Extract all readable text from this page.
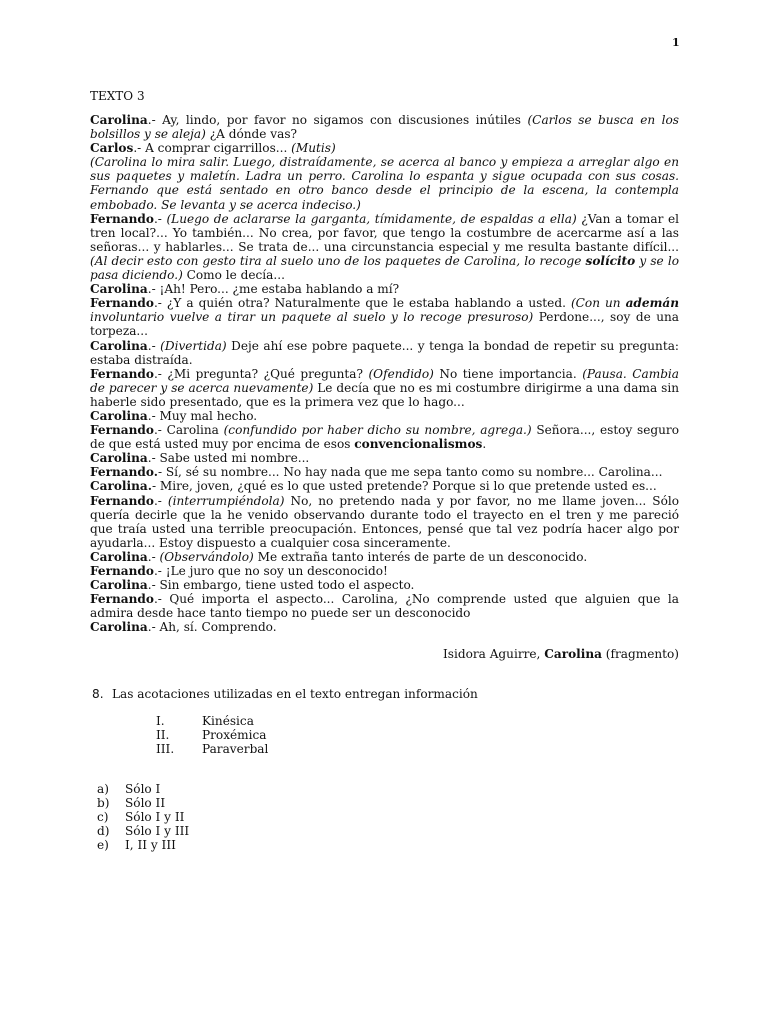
1
TEXTO 3

Carolina.- Ay, lindo, por favor no sigamos con discusiones inútiles (Carlos se busca en los bolsillos y se aleja) ¿A dónde vas?

Carlos.- A comprar cigarrillos... (Mutis)

(Carolina lo mira salir. Luego, distraídamente, se acerca al banco y empieza a arreglar algo en sus paquetes y maletín. Ladra un perro. Carolina lo espanta y sigue ocupada con sus cosas. Fernando que está sentado en otro banco desde el principio de la escena, la contempla embobado. Se levanta y se acerca indeciso.)

Fernando.- (Luego de aclararse la garganta, tímidamente, de espaldas a ella) ¿Van a tomar el tren local?... Yo también... No crea, por favor, que tengo la costumbre de acercarme así a las señoras... y hablarles... Se trata de... una circunstancia especial y me resulta bastante difícil... (Al decir esto con gesto tira al suelo uno de los paquetes de Carolina, lo recoge solícito y se lo pasa diciendo.) Como le decía...

Carolina.- ¡Ah! Pero... ¿me estaba hablando a mí?

Fernando.- ¿Y a quién otra? Naturalmente que le estaba hablando a usted. (Con un ademán involuntario vuelve a tirar un paquete al suelo y lo recoge presuroso) Perdone..., soy de una torpeza...

Carolina.- (Divertida) Deje ahí ese pobre paquete... y tenga la bondad de repetir su pregunta: estaba distraída.

Fernando.- ¿Mi pregunta? ¿Qué pregunta? (Ofendido) No tiene importancia. (Pausa. Cambia de parecer y se acerca nuevamente) Le decía que no es mi costumbre dirigirme a una dama sin haberle sido presentado, que es la primera vez que lo hago...

Carolina.- Muy mal hecho.

Fernando.- Carolina (confundido por haber dicho su nombre, agrega.) Señora..., estoy seguro de que está usted muy por encima de esos convencionalismos.

Carolina.- Sabe usted mi nombre...

Fernando.- Sí, sé su nombre... No hay nada que me sepa tanto como su nombre... Carolina...

Carolina.- Mire, joven, ¿qué es lo que usted pretende? Porque si lo que pretende usted es...

Fernando.- (interrumpiéndola) No, no pretendo nada y por favor, no me llame joven... Sólo quería decirle que la he venido observando durante todo el trayecto en el tren y me pareció que traía usted una terrible preocupación. Entonces, pensé que tal vez podría hacer algo por ayudarla... Estoy dispuesto a cualquier cosa sinceramente.

Carolina.- (Observándolo) Me extraña tanto interés de parte de un desconocido.

Fernando.- ¡Le juro que no soy un desconocido!

Carolina.- Sin embargo, tiene usted todo el aspecto.

Fernando.- Qué importa el aspecto... Carolina, ¿No comprende usted que alguien que la admira desde hace tanto tiempo no puede ser un desconocido

Carolina.- Ah, sí. Comprendo.

Isidora Aguirre, Carolina (fragmento)
8. Las acotaciones utilizadas en el texto entregan información
I.	Kinésica
II.	Proxémica
III.	Paraverbal
a)	Sólo I
b)	Sólo II
c)	Sólo I y II
d)	Sólo I y III
e)	I, II y III
